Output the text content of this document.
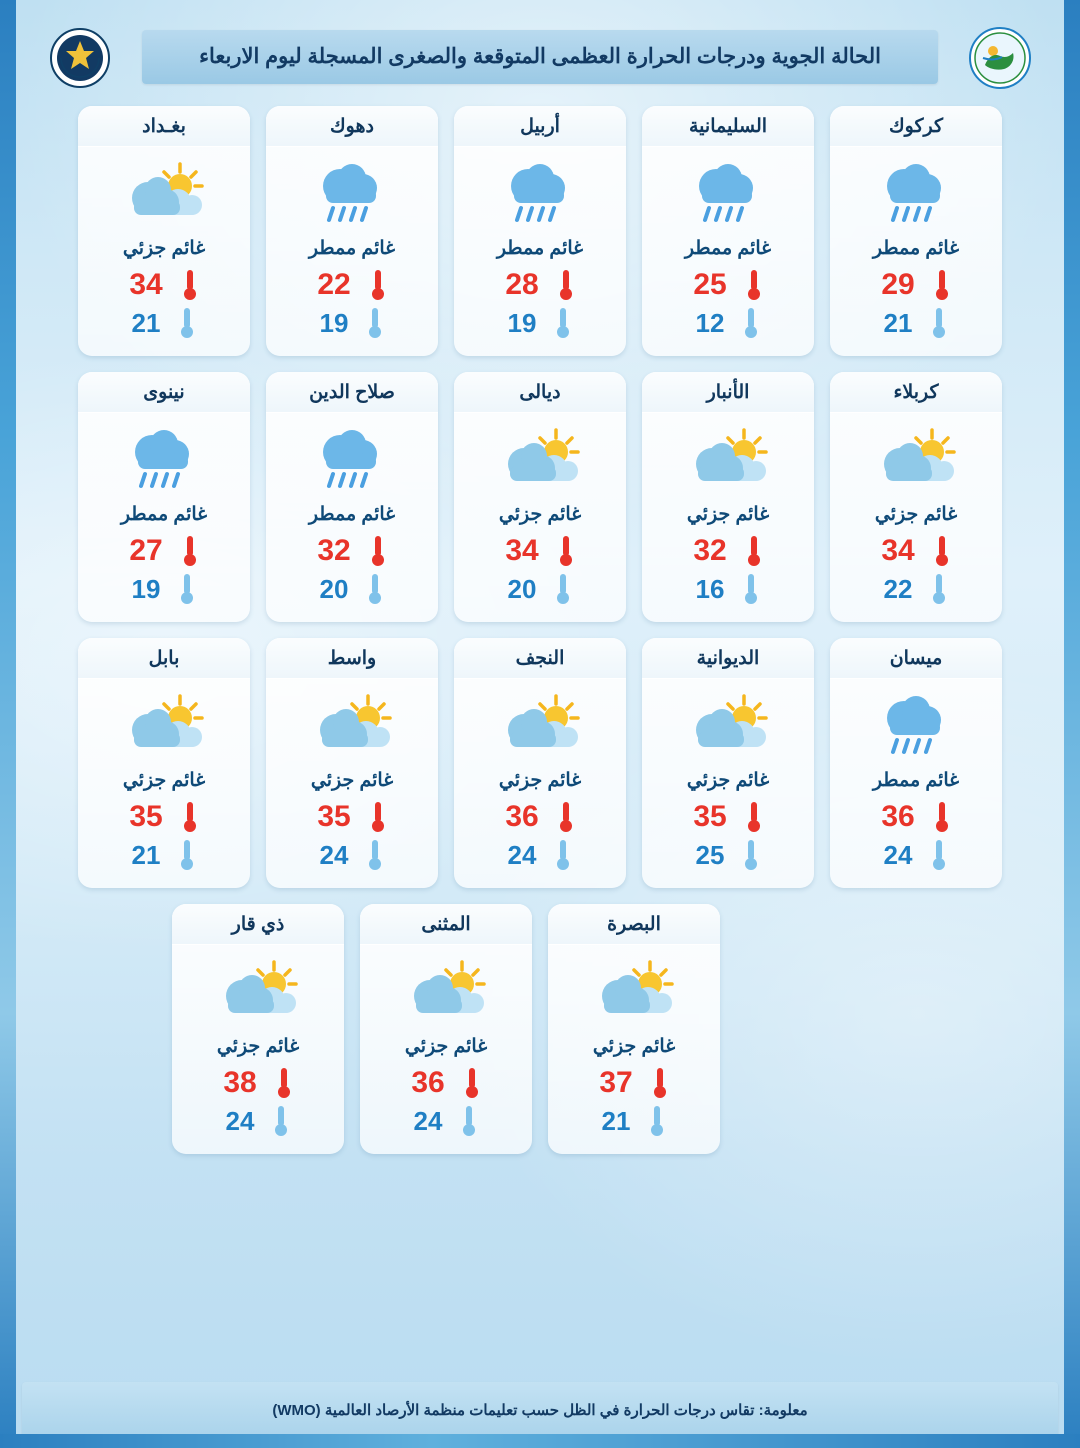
الحالة الجوية ودرجات الحرارة العظمى المتوقعة والصغرى المسجلة ليوم الاربعاء
كركوك
غائم ممطر
29
21
السليمانية
غائم ممطر
25
12
أربيل
غائم ممطر
28
19
دهوك
غائم ممطر
22
19
بغـداد
غائم جزئي
34
21
كربلاء
غائم جزئي
34
22
الأنبار
غائم جزئي
32
16
ديالى
غائم جزئي
34
20
صلاح الدين
غائم ممطر
32
20
نينوى
غائم ممطر
27
19
ميسان
غائم ممطر
36
24
الديوانية
غائم جزئي
35
25
النجف
غائم جزئي
36
24
واسط
غائم جزئي
35
24
بابل
غائم جزئي
35
21
البصرة
غائم جزئي
37
21
المثنى
غائم جزئي
36
24
ذي قار
غائم جزئي
38
24
معلومة: تقاس درجات الحرارة في الظل حسب تعليمات منظمة الأرصاد العالمية (WMO)
